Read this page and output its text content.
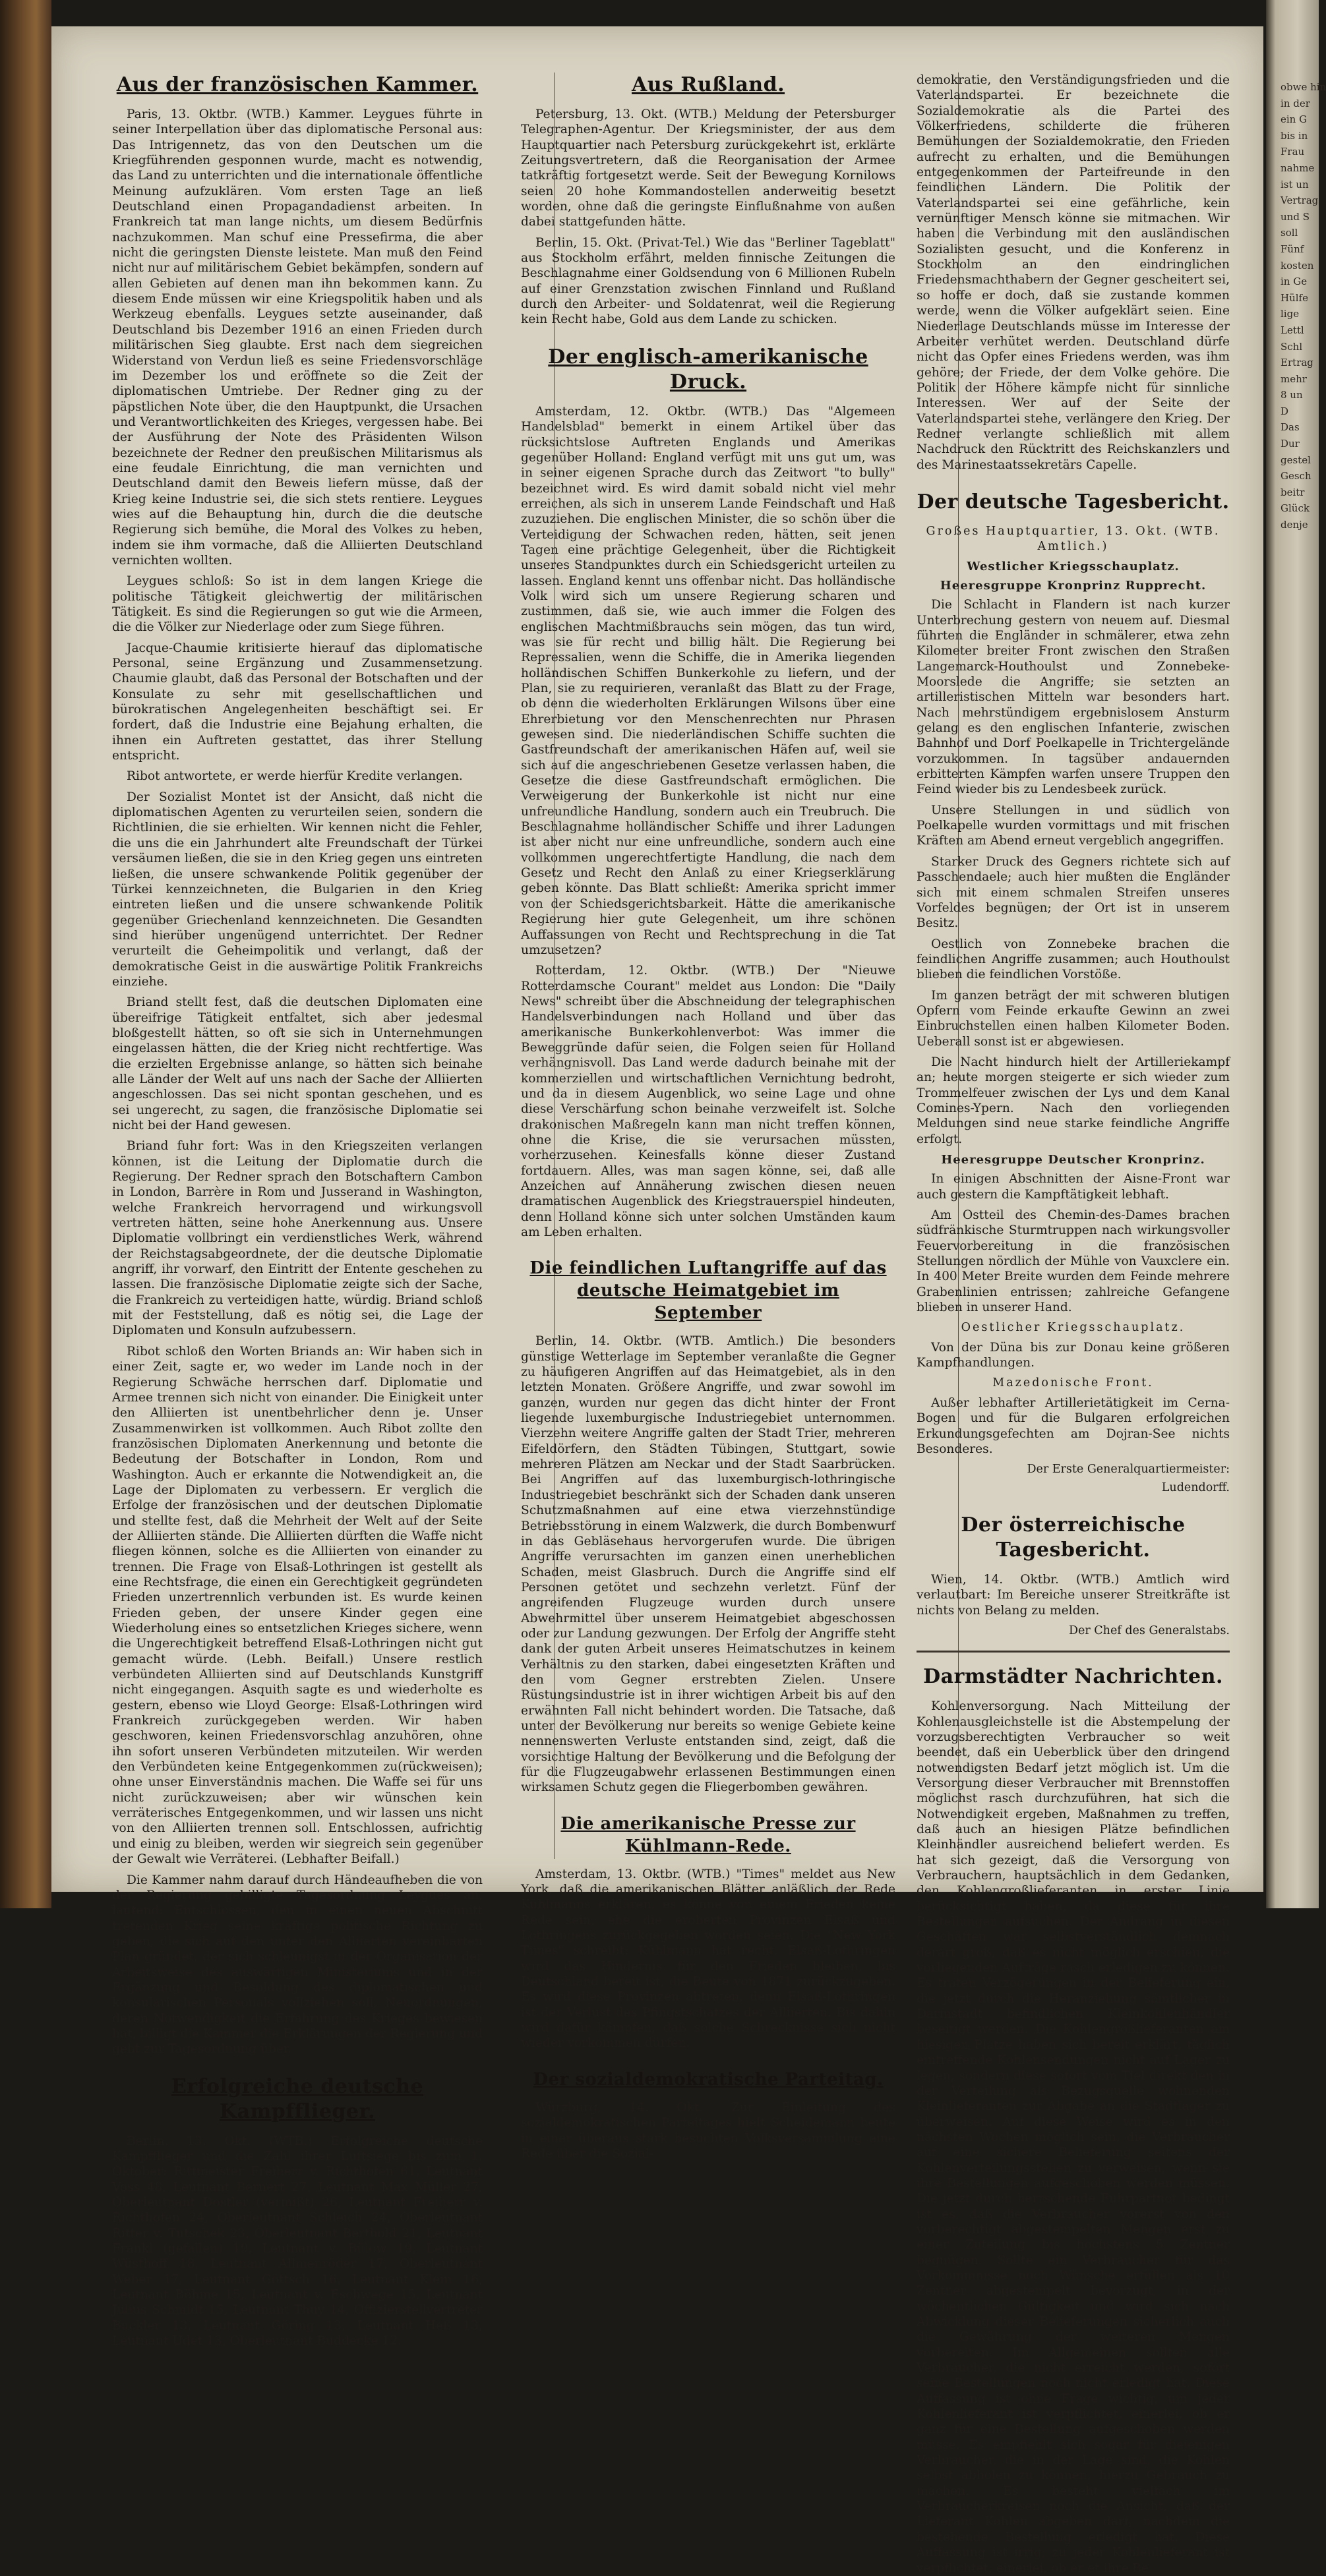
Aus der französischen Kammer.

Paris, 13. Oktbr. (WTB.) Kammer. Leygues führte in seiner Interpellation über das diplomatische Personal aus: Das Intrigennetz, das von den Deutschen um die Kriegführenden gesponnen wurde, macht es notwendig, das Land zu unterrichten und die internationale öffentliche Meinung aufzuklären. Vom ersten Tage an ließ Deutschland einen Propagandadienst arbeiten. In Frankreich tat man lange nichts, um diesem Bedürfnis nachzukommen. Man schuf eine Pressefirma, die aber nicht die geringsten Dienste leistete. Man muß den Feind nicht nur auf militärischem Gebiet bekämpfen, sondern auf allen Gebieten auf denen man ihn bekommen kann. Zu diesem Ende müssen wir eine Kriegspolitik haben und als Werkzeug ebenfalls. Leygues setzte auseinander, daß Deutschland bis Dezember 1916 an einen Frieden durch militärischen Sieg glaubte. Erst nach dem siegreichen Widerstand von Verdun ließ es seine Friedensvorschläge im Dezember los und eröffnete so die Zeit der diplomatischen Umtriebe. Der Redner ging zu der päpstlichen Note über, die den Hauptpunkt, die Ursachen und Verantwortlichkeiten des Krieges, vergessen habe. Bei der Ausführung der Note des Präsidenten Wilson bezeichnete der Redner den preußischen Militarismus als eine feudale Einrichtung, die man vernichten und Deutschland damit den Beweis liefern müsse, daß der Krieg keine Industrie sei, die sich stets rentiere. Leygues wies auf die Behauptung hin, durch die die deutsche Regierung sich bemühe, die Moral des Volkes zu heben, indem sie ihm vormache, daß die Alliierten Deutschland vernichten wollten.

Leygues schloß: So ist in dem langen Kriege die politische Tätigkeit gleichwertig der militärischen Tätigkeit. Es sind die Regierungen so gut wie die Armeen, die die Völker zur Niederlage oder zum Siege führen.

Jacque-Chaumie kritisierte hierauf das diplomatische Personal, seine Ergänzung und Zusammensetzung. Chaumie glaubt, daß das Personal der Botschaften und der Konsulate zu sehr mit gesellschaftlichen und bürokratischen Angelegenheiten beschäftigt sei. Er fordert, daß die Industrie eine Bejahung erhalten, die ihnen ein Auftreten gestattet, das ihrer Stellung entspricht.

Ribot antwortete, er werde hierfür Kredite verlangen.

Der Sozialist Montet ist der Ansicht, daß nicht die diplomatischen Agenten zu verurteilen seien, sondern die Richtlinien, die sie erhielten. Wir kennen nicht die Fehler, die uns die ein Jahrhundert alte Freundschaft der Türkei versäumen ließen, die sie in den Krieg gegen uns eintreten ließen, die unsere schwankende Politik gegenüber der Türkei kennzeichneten, die Bulgarien in den Krieg eintreten ließen und die unsere schwankende Politik gegenüber Griechenland kennzeichneten. Die Gesandten sind hierüber ungenügend unterrichtet. Der Redner verurteilt die Geheimpolitik und verlangt, daß der demokratische Geist in die auswärtige Politik Frankreichs einziehe.

Briand stellt fest, daß die deutschen Diplomaten eine übereifrige Tätigkeit entfaltet, sich aber jedesmal bloßgestellt hätten, so oft sie sich in Unternehmungen eingelassen hätten, die der Krieg nicht rechtfertige. Was die erzielten Ergebnisse anlange, so hätten sich beinahe alle Länder der Welt auf uns nach der Sache der Alliierten angeschlossen. Das sei nicht spontan geschehen, und es sei ungerecht, zu sagen, die französische Diplomatie sei nicht bei der Hand gewesen.

Briand fuhr fort: Was in den Kriegszeiten verlangen können, ist die Leitung der Diplomatie durch die Regierung. Der Redner sprach den Botschaftern Cambon in London, Barrère in Rom und Jusserand in Washington, welche Frankreich hervorragend und wirkungsvoll vertreten hätten, seine hohe Anerkennung aus. Unsere Diplomatie vollbringt ein verdienstliches Werk, während der Reichstagsabgeordnete, der die deutsche Diplomatie angriff, ihr vorwarf, den Eintritt der Entente geschehen zu lassen. Die französische Diplomatie zeigte sich der Sache, die Frankreich zu verteidigen hatte, würdig. Briand schloß mit der Feststellung, daß es nötig sei, die Lage der Diplomaten und Konsuln aufzubessern.

Ribot schloß den Worten Briands an: Wir haben sich in einer Zeit, sagte er, wo weder im Lande noch in der Regierung Schwäche herrschen darf. Diplomatie und Armee trennen sich nicht von einander. Die Einigkeit unter den Alliierten ist unentbehrlicher denn je. Unser Zusammenwirken ist vollkommen. Auch Ribot zollte den französischen Diplomaten Anerkennung und betonte die Bedeutung der Botschafter in London, Rom und Washington. Auch er erkannte die Notwendigkeit an, die Lage der Diplomaten zu verbessern. Er verglich die Erfolge der französischen und der deutschen Diplomatie und stellte fest, daß die Mehrheit der Welt auf der Seite der Alliierten stände. Die Alliierten dürften die Waffe nicht fliegen können, solche es die Alliierten von einander zu trennen. Die Frage von Elsaß-Lothringen ist gestellt als eine Rechtsfrage, die einen ein Gerechtigkeit gegründeten Frieden unzertrennlich verbunden ist. Es wurde keinen Frieden geben, der unsere Kinder gegen eine Wiederholung eines so entsetzlichen Krieges sichere, wenn die Ungerechtigkeit betreffend Elsaß-Lothringen nicht gut gemacht würde. (Lebh. Beifall.) Unsere restlich verbündeten Alliierten sind auf Deutschlands Kunstgriff nicht eingegangen. Asquith sagte es und wiederholte es gestern, ebenso wie Lloyd George: Elsaß-Lothringen wird Frankreich zurückgegeben werden. Wir haben geschworen, keinen Friedensvorschlag anzuhören, ohne ihn sofort unseren Verbündeten mitzuteilen. Wir werden den Verbündeten keine Entgegenkommen zu(rückweisen); ohne unser Einverständnis machen. Die Waffe sei für uns nicht zurückzuweisen; aber wir wünschen kein verräterisches Entgegenkommen, und wir lassen uns nicht von den Alliierten trennen soll. Entschlossen, aufrichtig und einig zu bleiben, werden wir siegreich sein gegenüber der Gewalt wie Verräterei. (Lebhafter Beifall.)

Die Kammer nahm darauf durch Händeaufheben die von der Regierung gebilligte Tagesordnung Leygues an, lautend: Entschlossen, den in einen neuen Abschnitt tretenden Krieg seine kräftige politische Richtung zu geben, die sich auf den unter den Alliierten vereinbarten Plan gründet, der sich schleunigst in der Organisation der Arbeitsweise des auswärtigen Ministeriums und in der Ergänzung und Besoldung des diplomatischen und konsularischen Personals vollziehen soll, Neuordnungen, deren Notwendigkeit die Erfahrung des Krieges bewiesen hat, billigt die Kammer die Erklärungen der Regierung und geht zur Tagesordnung über.

Erfolgreiche deutsche Kampfflieger.

Berlin, 13. Okt. (WTB.) Erfolgreiche deutsche Kampfflieger und die Zahl ihrer Luftsiege bis zum 1. Oktober: Rittmeister Freiherr v. Richthofen 61, Leutnant Voss 48, Leutnant Bernert 27, Leutnant Max Müller 27, Oberleutnant Dostler (vermißt) 26, Leutnant Freiherr v. Richthofen 24, Oberleutnant Schleich 24, Oberleutnant Ritter v. Tutschek 23, Oberleutnant Berthold 21, Leutnant Frankl (gefallen) 19, Leutnant v. Bülow 19, Leutnant Wüsthoff 18, Leutnant Allmenröder 17, Oberleutnant Weber 17, Leutnant Göttsch 16, Leutnant Klein 16, Leutnant Böhme 15, Leutnant v. Eschwege 15, Leutnant Julius Schmidt 15, Leutnant Thuy 14, Offizierstellvertreter Buckler 13, Leutnant Göring 13, Leutnant Heß 13, Leutnant Udet 13, Oberleutnant Buddecke 12.

Aus Rußland.

Petersburg, 13. Okt. (WTB.) Meldung der Petersburger Telegraphen-Agentur. Der Kriegsminister, der aus dem Hauptquartier nach Petersburg zurückgekehrt ist, erklärte Zeitungsvertretern, daß die Reorganisation der Armee tatkräftig fortgesetzt werde. Seit der Bewegung Kornilows seien 20 hohe Kommandostellen anderweitig besetzt worden, ohne daß die geringste Einflußnahme von außen dabei stattgefunden hätte.

Berlin, 15. Okt. (Privat-Tel.) Wie das "Berliner Tageblatt" aus Stockholm erfährt, melden finnische Zeitungen die Beschlagnahme einer Goldsendung von 6 Millionen Rubeln auf einer Grenzstation zwischen Finnland und Rußland durch den Arbeiter- und Soldatenrat, weil die Regierung kein Recht habe, Gold aus dem Lande zu schicken.

Der englisch-amerikanische Druck.

Amsterdam, 12. Oktbr. (WTB.) Das "Algemeen Handelsblad" bemerkt in einem Artikel über das rücksichtslose Auftreten Englands und Amerikas gegenüber Holland: England verfügt mit uns gut um, was in seiner eigenen Sprache durch das Zeitwort "to bully" bezeichnet wird. Es wird damit sobald nicht viel mehr erreichen, als sich in unserem Lande Feindschaft und Haß zuzuziehen. Die englischen Minister, die so schön über die Verteidigung der Schwachen reden, hätten, seit jenen Tagen eine prächtige Gelegenheit, über die Richtigkeit unseres Standpunktes durch ein Schiedsgericht urteilen zu lassen. England kennt uns offenbar nicht. Das holländische Volk wird sich um unsere Regierung scharen und zustimmen, daß sie, wie auch immer die Folgen des englischen Machtmißbrauchs sein mögen, das tun wird, was sie für recht und billig hält. Die Regierung bei Repressalien, wenn die Schiffe, die in Amerika liegenden holländischen Schiffen Bunkerkohle zu liefern, und der Plan, sie zu requirieren, veranlaßt das Blatt zu der Frage, ob denn die wiederholten Erklärungen Wilsons über eine Ehrerbietung vor den Menschenrechten nur Phrasen gewesen sind. Die niederländischen Schiffe suchten die Gastfreundschaft der amerikanischen Häfen auf, weil sie sich auf die angeschriebenen Gesetze verlassen haben, die Gesetze die diese Gastfreundschaft ermöglichen. Die Verweigerung der Bunkerkohle ist nicht nur eine unfreundliche Handlung, sondern auch ein Treubruch. Die Beschlagnahme holländischer Schiffe und ihrer Ladungen ist aber nicht nur eine unfreundliche, sondern auch eine vollkommen ungerechtfertigte Handlung, die nach dem Gesetz und Recht den Anlaß zu einer Kriegserklärung geben könnte. Das Blatt schließt: Amerika spricht immer von der Schiedsgerichtsbarkeit. Hätte die amerikanische Regierung hier gute Gelegenheit, um ihre schönen Auffassungen von Recht und Rechtsprechung in die Tat umzusetzen?

Rotterdam, 12. Oktbr. (WTB.) Der "Nieuwe Rotterdamsche Courant" meldet aus London: Die "Daily News" schreibt über die Abschneidung der telegraphischen Handelsverbindungen nach Holland und über das amerikanische Bunkerkohlenverbot: Was immer die Beweggründe dafür seien, die Folgen seien für Holland verhängnisvoll. Das Land werde dadurch beinahe mit der kommerziellen und wirtschaftlichen Vernichtung bedroht, und da in diesem Augenblick, wo seine Lage und ohne diese Verschärfung schon beinahe verzweifelt ist. Solche drakonischen Maßregeln kann man nicht treffen können, ohne die Krise, die sie verursachen müssten, vorherzusehen. Keinesfalls könne dieser Zustand fortdauern. Alles, was man sagen könne, sei, daß alle Anzeichen auf Annäherung zwischen diesen neuen dramatischen Augenblick des Kriegstrauerspiel hindeuten, denn Holland könne sich unter solchen Umständen kaum am Leben erhalten.

Die feindlichen Luftangriffe auf das deutsche Heimatgebiet im September

Berlin, 14. Oktbr. (WTB. Amtlich.) Die besonders günstige Wetterlage im September veranlaßte die Gegner zu häufigeren Angriffen auf das Heimatgebiet, als in den letzten Monaten. Größere Angriffe, und zwar sowohl im ganzen, wurden nur gegen das dicht hinter der Front liegende luxemburgische Industriegebiet unternommen. Vierzehn weitere Angriffe galten der Stadt Trier, mehreren Eifeldörfern, den Städten Tübingen, Stuttgart, sowie mehreren Plätzen am Neckar und der Stadt Saarbrücken. Bei Angriffen auf das luxemburgisch-lothringische Industriegebiet beschränkt sich der Schaden dank unseren Schutzmaßnahmen auf eine etwa vierzehnstündige Betriebsstörung in einem Walzwerk, die durch Bombenwurf in das Gebläsehaus hervorgerufen wurde. Die übrigen Angriffe verursachten im ganzen einen unerheblichen Schaden, meist Glasbruch. Durch die Angriffe sind elf Personen getötet und sechzehn verletzt. Fünf der angreifenden Flugzeuge wurden durch unsere Abwehrmittel über unserem Heimatgebiet abgeschossen oder zur Landung gezwungen. Der Erfolg der Angriffe steht dank der guten Arbeit unseres Heimatschutzes in keinem Verhältnis zu den starken, dabei eingesetzten Kräften und den vom Gegner erstrebten Zielen. Unsere Rüstungsindustrie ist in ihrer wichtigen Arbeit bis auf den erwähnten Fall nicht behindert worden. Die Tatsache, daß unter der Bevölkerung nur bereits so wenige Gebiete keine nennenswerten Verluste entstanden sind, zeigt, daß die vorsichtige Haltung der Bevölkerung und die Befolgung der für die Flugzeugabwehr erlassenen Bestimmungen einen wirksamen Schutz gegen die Fliegerbomben gewähren.

Die amerikanische Presse zur Kühlmann-Rede.

Amsterdam, 13. Oktbr. (WTB.) "Times" meldet aus New York, daß die amerikanischen Blätter anläßlich der Rede Kühlmanns erklären, es könne von einem Frieden keine Rede sein, ehe die eroberten Provinzen Elsaß und Lothringens zurückgegeben worden seien. Die "New York Times" schreibt: Kühlmann hat recht. Elsaß-Lothringen wird das Hindernis für den Frieden bleiben, bis Deutschland bereit ist, die Beute von 1871 zurückzugeben. Es wird diese Provinzen abtreten, denn Elsaß-Lothringen ist der Verlust des Pfingstschatzes der Alliierten. Bis dahin wird dafür kämpfen, daß solche Schrecknisse sich nicht wieder vorkommen dürfen.

Der sozialdemokratische Parteitag.

Würzburg, 14. Okt. Zur Einleitung des sozialdemokratischen Parteitages hielt Scheidemann heute in einer überaus stark besuchten Volksversammlung eine Rede über die Sozial-

demokratie, den Verständigungsfrieden und die Vaterlandspartei. Er bezeichnete die Sozialdemokratie als die Partei des Völkerfriedens, schilderte die früheren Bemühungen der Sozialdemokratie, den Frieden aufrecht zu erhalten, und die Bemühungen entgegenkommen der Parteifreunde in den feindlichen Ländern. Die Politik der Vaterlandspartei sei eine gefährliche, kein vernünftiger Mensch könne sie mitmachen. Wir haben die Verbindung mit den ausländischen Sozialisten gesucht, und die Konferenz in Stockholm an den eindringlichen Friedensmachthabern der Gegner gescheitert sei, so hoffe er doch, daß sie zustande kommen werde, wenn die Völker aufgeklärt seien. Eine Niederlage Deutschlands müsse im Interesse der Arbeiter verhütet werden. Deutschland dürfe nicht das Opfer eines Friedens werden, was ihm gehöre; der Friede, der dem Volke gehöre. Die Politik der Höhere kämpfe nicht für sinnliche Interessen. Wer auf der Seite der Vaterlandspartei stehe, verlängere den Krieg. Der Redner verlangte schließlich mit allem Nachdruck den Rücktritt des Reichskanzlers und des Marinestaatssekretärs Capelle.

Der deutsche Tagesbericht.
Großes Hauptquartier, 13. Okt. (WTB. Amtlich.)
Westlicher Kriegsschauplatz.
Heeresgruppe Kronprinz Rupprecht.

Die Schlacht in Flandern ist nach kurzer Unterbrechung gestern von neuem auf. Diesmal führten die Engländer in schmälerer, etwa zehn Kilometer breiter Front zwischen den Straßen Langemarck-Houthoulst und Zonnebeke-Moorslede die Angriffe; sie setzten an artilleristischen Mitteln war besonders hart. Nach mehrstündigem ergebnislosem Ansturm gelang es den englischen Infanterie, zwischen Bahnhof und Dorf Poelkapelle in Trichtergelände vorzukommen. In tagsüber andauernden erbitterten Kämpfen warfen unsere Truppen den Feind wieder bis zu Lendesbeek zurück.

Unsere Stellungen in und südlich von Poelkapelle wurden vormittags und mit frischen Kräften am Abend erneut vergeblich angegriffen.

Starker Druck des Gegners richtete sich auf Passchendaele; auch hier mußten die Engländer sich mit einem schmalen Streifen unseres Vorfeldes begnügen; der Ort ist in unserem Besitz.

Oestlich von Zonnebeke brachen die feindlichen Angriffe zusammen; auch Houthoulst blieben die feindlichen Vorstöße.

Im ganzen beträgt der mit schweren blutigen Opfern vom Feinde erkaufte Gewinn an zwei Einbruchstellen einen halben Kilometer Boden. Ueberall sonst ist er abgewiesen.

Die Nacht hindurch hielt der Artilleriekampf an; heute morgen steigerte er sich wieder zum Trommelfeuer zwischen der Lys und dem Kanal Comines-Ypern. Nach den vorliegenden Meldungen sind neue starke feindliche Angriffe erfolgt.

Heeresgruppe Deutscher Kronprinz.

In einigen Abschnitten der Aisne-Front war auch gestern die Kampftätigkeit lebhaft.

Am Ostteil des Chemin-des-Dames brachen südfränkische Sturmtruppen nach wirkungsvoller Feuervorbereitung in die französischen Stellungen nördlich der Mühle von Vauxclere ein. In 400 Meter Breite wurden dem Feinde mehrere Grabenlinien entrissen; zahlreiche Gefangene blieben in unserer Hand.

Oestlicher Kriegsschauplatz.

Von der Düna bis zur Donau keine größeren Kampfhandlungen.

Mazedonische Front.

Außer lebhafter Artillerietätigkeit im Cerna-Bogen und für die Bulgaren erfolgreichen Erkundungsgefechten am Dojran-See nichts Besonderes.

Der Erste Generalquartiermeister:
Ludendorff.
Der österreichische Tagesbericht.

Wien, 14. Oktbr. (WTB.) Amtlich wird verlautbart: Im Bereiche unserer Streitkräfte ist nichts von Belang zu melden.

Der Chef des Generalstabs.
Darmstädter Nachrichten.

Kohlenversorgung. Nach Mitteilung der Kohlenausgleichstelle ist die Abstempelung der vorzugsberechtigten Verbraucher so weit beendet, daß ein Ueberblick über den dringend notwendigsten Bedarf jetzt möglich ist. Um die Versorgung dieser Verbraucher mit Brennstoffen möglichst rasch durchzuführen, hat sich die Notwendigkeit ergeben, Maßnahmen zu treffen, daß auch an hiesigen Plätze befindlichen Kleinhändler ausreichend beliefert werden. Es hat sich gezeigt, daß die Versorgung von Verbrauchern, hauptsächlich in dem Gedanken, den Kohlengroßlieferanten in erster Linie berücksichtigt haben, da diese für ihre Bestellungen aufsuchen. Der Andrang in diesen Geschäften war selbstverständlich demnach derart groß, daß es nicht möglich erschien, die vorliegenden Aufträge rasch erledigen zu können. Es traten Verzögerungen in der Belieferung ein, die jetzt durch die Heranziehung sämtlicher in Darmstadt befindlichen Kleinkohlenhändler beseitigt werden. Die Kohlengroßlieferanten am hiesigen Platze haben sich bereit erklärt, täglich eintreffende Kohlensendungen nicht auf Lager zu legen, sondern diese sofort vom Tiel direkt den in der Verteilung als Bezugsquelle wohnenden Kleinlieferanten zur Abgabe an die Stadtlager zu überweisen. Auf diese Weise wird es in den nächsten Wochen möglich sein, die Verbraucher auf eine sichere Belieferung seitens der Kohlenverteilungsstellen zu verweisen, wenn sie ihre Bestellungen aufgeschoben werden müssen. Die jetzt durch herrschende Fuhrpartnot bedingt ist es, daß die Verbraucher vorerst von den vorberechtigt abgestempelten Mengen erst zu einer Zuteilung bis höchstens 5 Zentner begnügen. Sollte ein Verbraucher für das Vorkommnisse noch Wünsche erfüllen als 10 Zentner abgestempelt bevorzugt, in der wöchentlichen Gültigkeit und wird sich nach Abwicklung dieser Belieferungen sicherlich auch die Gewährung der weiteren Mengen vorbereiten. Im Allgemeinen sollten alle Verbraucher, die nicht erreicht werden, sofort seine Bestellungen noch nicht erledigt hat. Diese Auffassung ist ohne Frage wichtig, um jeder Kohlenlieferant ist verpflichtet, einerlei, ob er ganz für eine Bestellung aufgeschoben werden müsse. Es empfiehlt sich sogar für diejenigen Verbraucher, die in der Lage sind, die Kohlen selbst abholen zu können, hierzu Gebrauch zu machen. Es besteht vielfach im Verbraucherkreisen noch die Ansicht, daß der Lieferant Kohlen abgeben darf, nachdem die bestehende Bestellung erledigt hat. Diese Auffassung ist irrig; zu jeder Kohlenlieferant ist verpflichtet, einerlei, ob er et ihre Be

obwe hin
in der
ein G
bis in
Frau
nahme
ist un
Vertrag
und S
soll
Fünf
kosten
in Ge
Hülfe
lige
Lettl
Schl
Ertrag
mehr
8 un
D
Das
Dur
gestel
Gesch
beitr
Glück
denje
